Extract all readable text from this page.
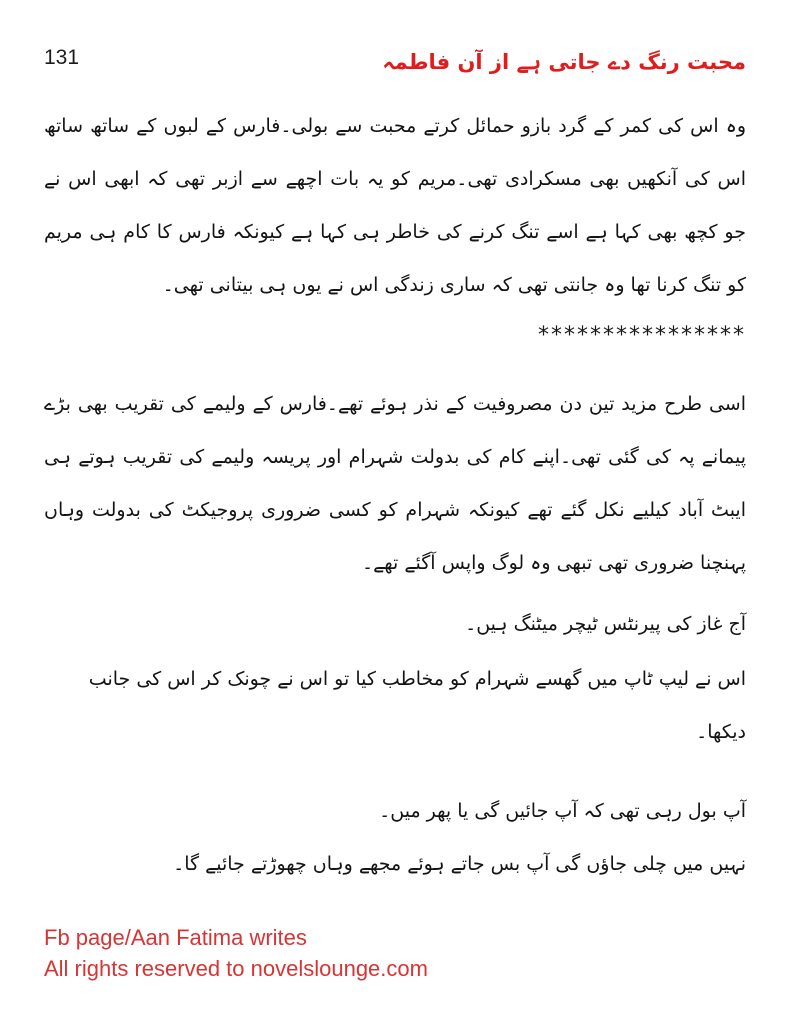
131	محبت رنگ دے جاتی ہے از آن فاطمہ

وہ اس کی کمر کے گرد بازو حمائل کرتے محبت سے بولی۔فارس کے لبوں کے ساتھ ساتھ اس کی آنکھیں بھی مسکرادی تھی۔مریم کو یہ بات اچھے سے ازبر تھی کہ ابھی اس نے جو کچھ بھی کہا ہے اسے تنگ کرنے کی خاطر ہی کہا ہے کیونکہ فارس کا کام ہی مریم کو تنگ کرنا تھا وہ جانتی تھی کہ ساری زندگی اس نے یوں ہی بیتانی تھی۔

****************

اسی طرح مزید تین دن مصروفیت کے نذر ہوئے تھے۔فارس کے ولیمے کی تقریب بھی بڑے پیمانے پہ کی گئی تھی۔اپنے کام کی بدولت شہرام اور پریسہ ولیمے کی تقریب ہوتے ہی ایبٹ آباد کیلیے نکل گئے تھے کیونکہ شہرام کو کسی ضروری پروجیکٹ کی بدولت وہاں پہنچنا ضروری تھی تبھی وہ لوگ واپس آگئے تھے۔

آج غاز کی پیرنٹس ٹیچر میٹنگ ہیں۔

اس نے لیپ ٹاپ میں گھسے شہرام کو مخاطب کیا تو اس نے چونک کر اس کی جانب دیکھا۔

آپ بول رہی تھی کہ آپ جائیں گی یا پھر میں۔

نہیں میں چلی جاؤں گی آپ بس جاتے ہوئے مجھے وہاں چھوڑتے جائیے گا۔

Fb page/Aan Fatima writes
All rights reserved to novelslounge.com
